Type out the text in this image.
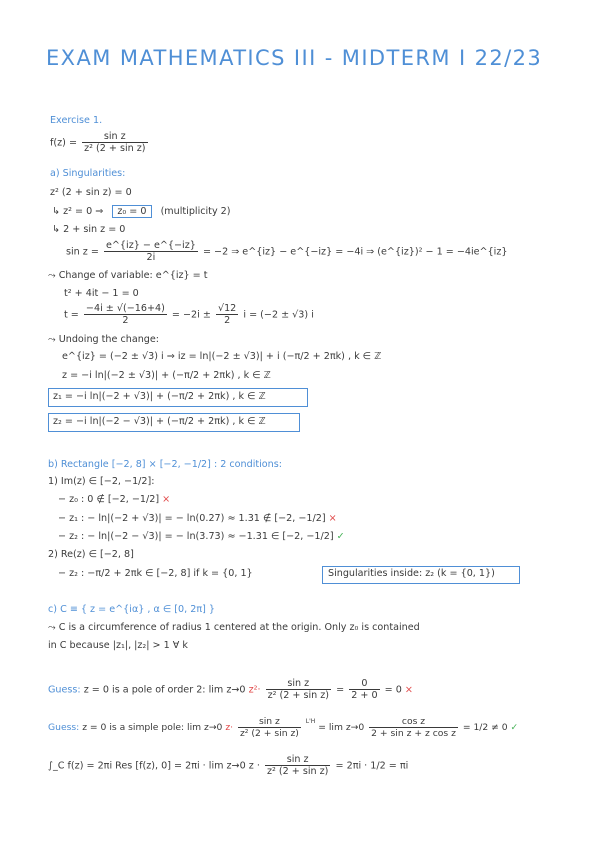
EXAM MATHEMATICS III - MIDTERM I 22/23
Exercise 1.
$f(z) = \frac{\text{sin z}}{\text{z² (2 + sin z)}}$
a) Singularities:
z² (2 + sin z) = 0
↳ z² = 0 ⇒ z₀ = 0 (multiplicity 2)
↳ 2 + sin z = 0
$\sin z = \frac{e\^{}\{iz\} - e\^{}\{-iz\}}{2i} = -2$ ⇒ e^{iz} − e^{−iz} = −4i ⇒ (e^{iz})² − 1 = −4ie^{iz}
⤳ Change of variable: e^{iz} = t
t² + 4it − 1 = 0
$t = \frac{-4i \pm √(-16+4)}{2} = -2i \pm \frac{√12}{2}$ i = (−2 ± √3) i
⤳ Undoing the change:
e^{iz} = (−2 ± √3) i ⇒ iz = ln|(−2 ± √3)| + i (−π/2 + 2πk) , k ∈ ℤ
z = −i ln|(−2 ± √3)| + (−π/2 + 2πk) , k ∈ ℤ
z₁ = −i ln|(−2 + √3)| + (−π/2 + 2πk) , k ∈ ℤ
z₂ = −i ln|(−2 − √3)| + (−π/2 + 2πk) , k ∈ ℤ
b) Rectangle [−2, 8] × [−2, −1/2] : 2 conditions:
1) Im(z) ∈ [−2, −1/2]:
− z₀ : 0 ∉ [−2, −1/2] ×
− z₁ : − ln|(−2 + √3)| = − ln(0.27) ≈ 1.31 ∉ [−2, −1/2] ×
− z₂ : − ln|(−2 − √3)| = − ln(3.73) ≈ −1.31 ∈ [−2, −1/2] ✓
2) Re(z) ∈ [−2, 8]
− z₂ : −π/2 + 2πk ∈ [−2, 8] if k = {0, 1}	Singularities inside: z₂ (k = {0, 1})
c) C ≡ { z = e^{iα} , α ∈ [0, 2π] }
⤳ C is a circumference of radius 1 centered at the origin. Only z₀ is contained
in C because |z₁|, |z₂| > 1 ∀ k
Guess: z = 0 is a pole of order 2: lim z→0 $z^2\cdot \frac{\text{sin z}}{\text{z² (2 + sin z)}} = \frac{0}{2 + 0} = 0$ ×
Guess: z = 0 is a simple pole: lim z→0 $z\cdot \frac{\text{sin z}}{\text{z² (2 + sin z)}} ^{L'H} = \lim z\to 0 \frac{\text{cos z}}{\text{2 + sin z + z cos z}} = 1/2 \ne 0$ ✓
∫_C f(z) = 2πi Res [f(z), 0] = 2πi · lim z→0 $z \cdot \frac{\text{sin z}}{\text{z² (2 + sin z)}} = 2\pi i \cdot 1/2 = \pi i$
